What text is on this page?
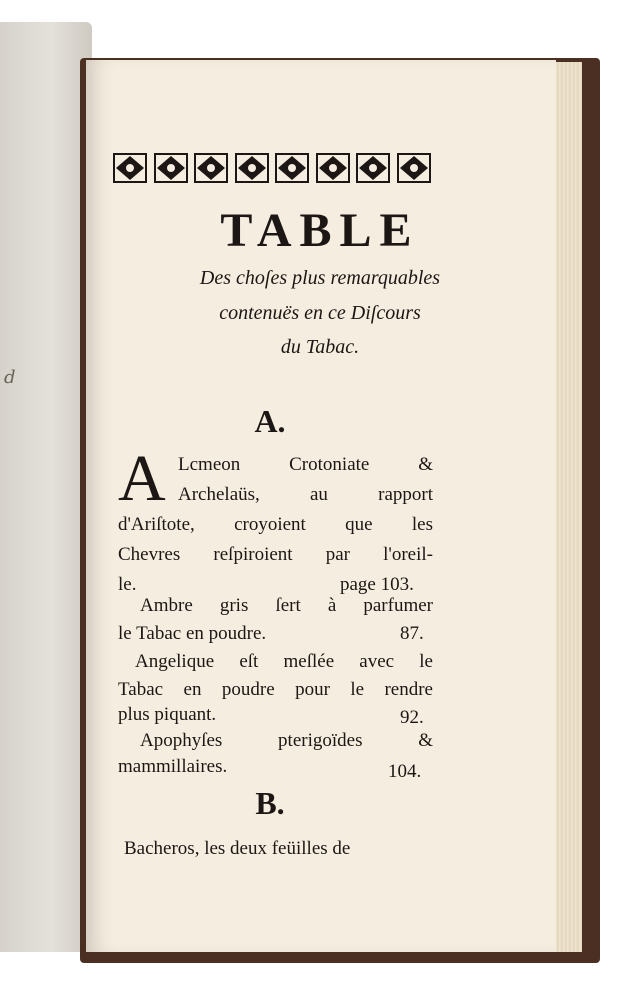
d
TABLE

Des choſes plus remarquables

contenuës en ce Diſcours

du Tabac.

A.
A Lcmeon Crotoniate &
Archelaüs, au rapport
d'Ariſtote, croyoient que les
Chevres reſpiroient par l'oreil-
le.	page 103.
Ambre gris ſert à parfumer
le Tabac en poudre.	87.
Angelique eſt meſlée avec le
Tabac en poudre pour le rendre
plus piquant.	92.
Apophyſes pterigoïdes &
mammillaires.	104.
B.
Bacheros, les deux feüilles de
